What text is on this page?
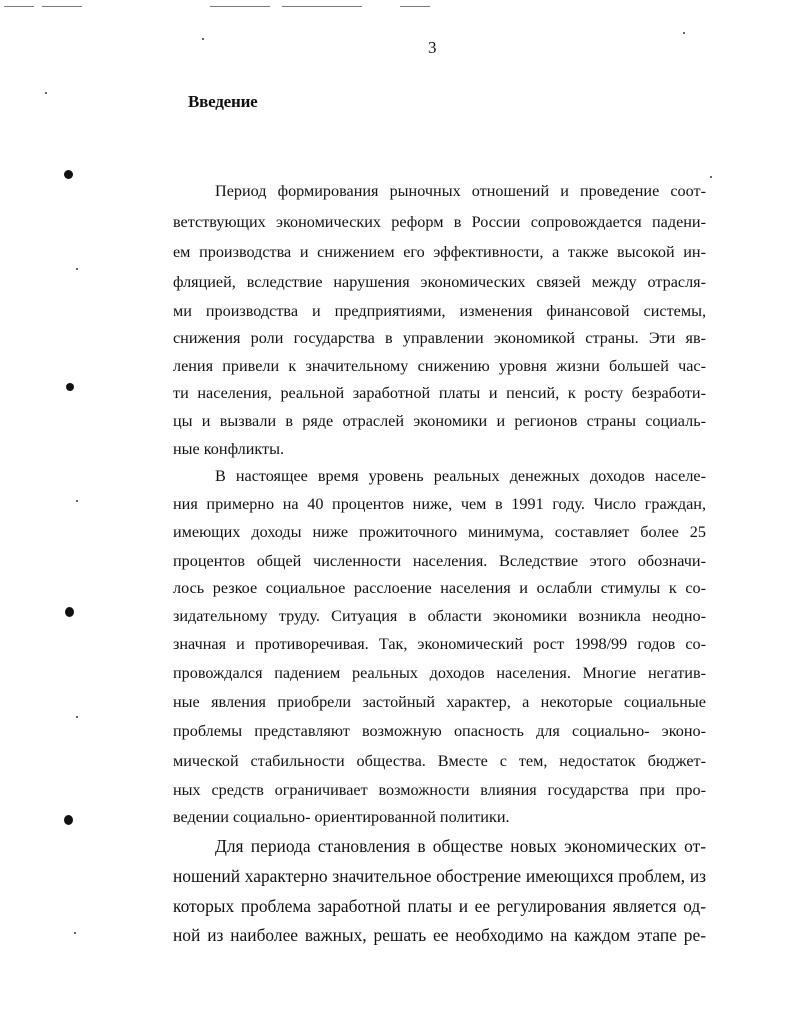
3
Введение
Период формирования рыночных отношений и проведение соот-
ветствующих экономических реформ в России сопровождается падени-
ем производства и снижением его эффективности, а также высокой ин-
фляцией, вследствие нарушения экономических связей между отрасля-
ми производства и предприятиями, изменения финансовой системы,
снижения роли государства в управлении экономикой страны. Эти яв-
ления привели к значительному снижению уровня жизни большей час-
ти населения, реальной заработной платы и пенсий, к росту безработи-
цы и вызвали в ряде отраслей экономики и регионов страны социаль-
ные конфликты.
В настоящее время уровень реальных денежных доходов населе-
ния примерно на 40 процентов ниже, чем в 1991 году. Число граждан,
имеющих доходы ниже прожиточного минимума, составляет более 25
процентов общей численности населения. Вследствие этого обозначи-
лось резкое социальное расслоение населения и ослабли стимулы к со-
зидательному труду. Ситуация в области экономики возникла неодно-
значная и противоречивая. Так, экономический рост 1998/99 годов со-
провождался падением реальных доходов населения. Многие негатив-
ные явления приобрели застойный характер, а некоторые социальные
проблемы представляют возможную опасность для социально- эконо-
мической стабильности общества. Вместе с тем, недостаток бюджет-
ных средств ограничивает возможности влияния государства при про-
ведении социально- ориентированной политики.
Для периода становления в обществе новых экономических от-
ношений характерно значительное обострение имеющихся проблем, из
которых проблема заработной платы и ее регулирования является од-
ной из наиболее важных, решать ее необходимо на каждом этапе ре-
